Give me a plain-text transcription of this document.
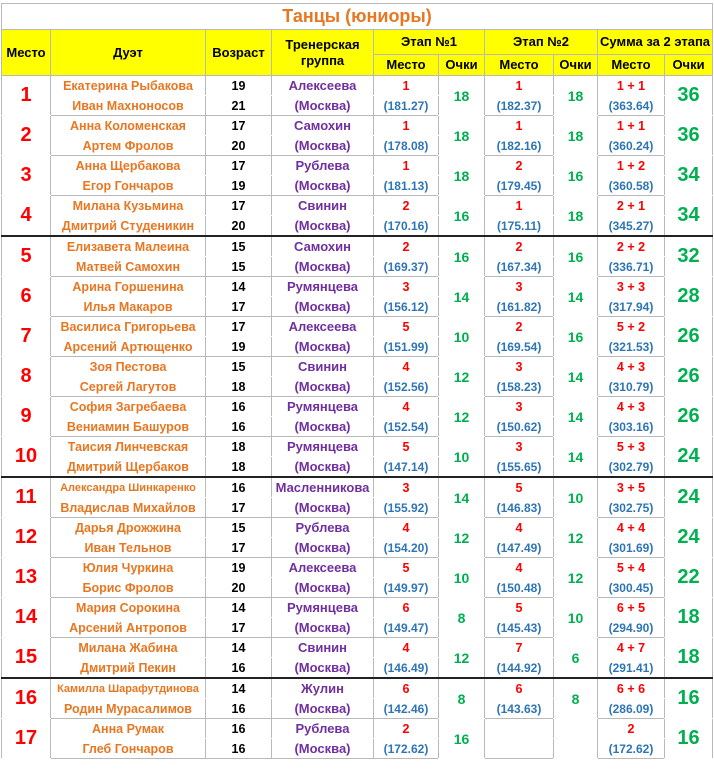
Танцы (юниоры)									
Место	Дуэт	Возраст	Тренерская
группа	Этап №1		Этап №2		Сумма за 2 этапа	
				Место	Очки	Место	Очки	Место	Очки
1	Екатерина Рыбакова	19	Алексеева	1	18	1	18	1 + 1	36
	Иван Махноносов	21	(Москва)	(181.27)		(182.37)		(363.64)	
2	Анна Коломенская	17	Самохин	1	18	1	18	1 + 1	36
	Артем Фролов	20	(Москва)	(178.08)		(182.16)		(360.24)	
3	Анна Щербакова	17	Рублева	1	18	2	16	1 + 2	34
	Егор Гончаров	19	(Москва)	(181.13)		(179.45)		(360.58)	
4	Милана Кузьмина	17	Свинин	2	16	1	18	2 + 1	34
	Дмитрий Студеникин	20	(Москва)	(170.16)		(175.11)		(345.27)	
5	Елизавета Малеина	15	Самохин	2	16	2	16	2 + 2	32
	Матвей Самохин	15	(Москва)	(169.37)		(167.34)		(336.71)	
6	Арина Горшенина	14	Румянцева	3	14	3	14	3 + 3	28
	Илья Макаров	17	(Москва)	(156.12)		(161.82)		(317.94)	
7	Василиса Григорьева	17	Алексеева	5	10	2	16	5 + 2	26
	Арсений Артющенко	19	(Москва)	(151.99)		(169.54)		(321.53)	
8	Зоя Пестова	15	Свинин	4	12	3	14	4 + 3	26
	Сергей Лагутов	18	(Москва)	(152.56)		(158.23)		(310.79)	
9	София Загребаева	16	Румянцева	4	12	3	14	4 + 3	26
	Вениамин Башуров	16	(Москва)	(152.54)		(150.62)		(303.16)	
10	Таисия Линчевская	18	Румянцева	5	10	3	14	5 + 3	24
	Дмитрий Щербаков	18	(Москва)	(147.14)		(155.65)		(302.79)	
11	Александра Шинкаренко	16	Масленникова	3	14	5	10	3 + 5	24
	Владислав Михайлов	17	(Москва)	(155.92)		(146.83)		(302.75)	
12	Дарья Дрожжина	15	Рублева	4	12	4	12	4 + 4	24
	Иван Тельнов	17	(Москва)	(154.20)		(147.49)		(301.69)	
13	Юлия Чуркина	19	Алексеева	5	10	4	12	5 + 4	22
	Борис Фролов	20	(Москва)	(149.97)		(150.48)		(300.45)	
14	Мария Сорокина	14	Румянцева	6	8	5	10	6 + 5	18
	Арсений Антропов	17	(Москва)	(149.47)		(145.43)		(294.90)	
15	Милана Жабина	14	Свинин	4	12	7	6	4 + 7	18
	Дмитрий Пекин	16	(Москва)	(146.49)		(144.92)		(291.41)	
16	Камилла Шарафутдинова	14	Жулин	6	8	6	8	6 + 6	16
	Родин Мурасалимов	16	(Москва)	(142.46)		(143.63)		(286.09)	
17	Анна Румак	16	Рублева	2	16			2	16
	Глеб Гончаров	16	(Москва)	(172.62)				(172.62)	
